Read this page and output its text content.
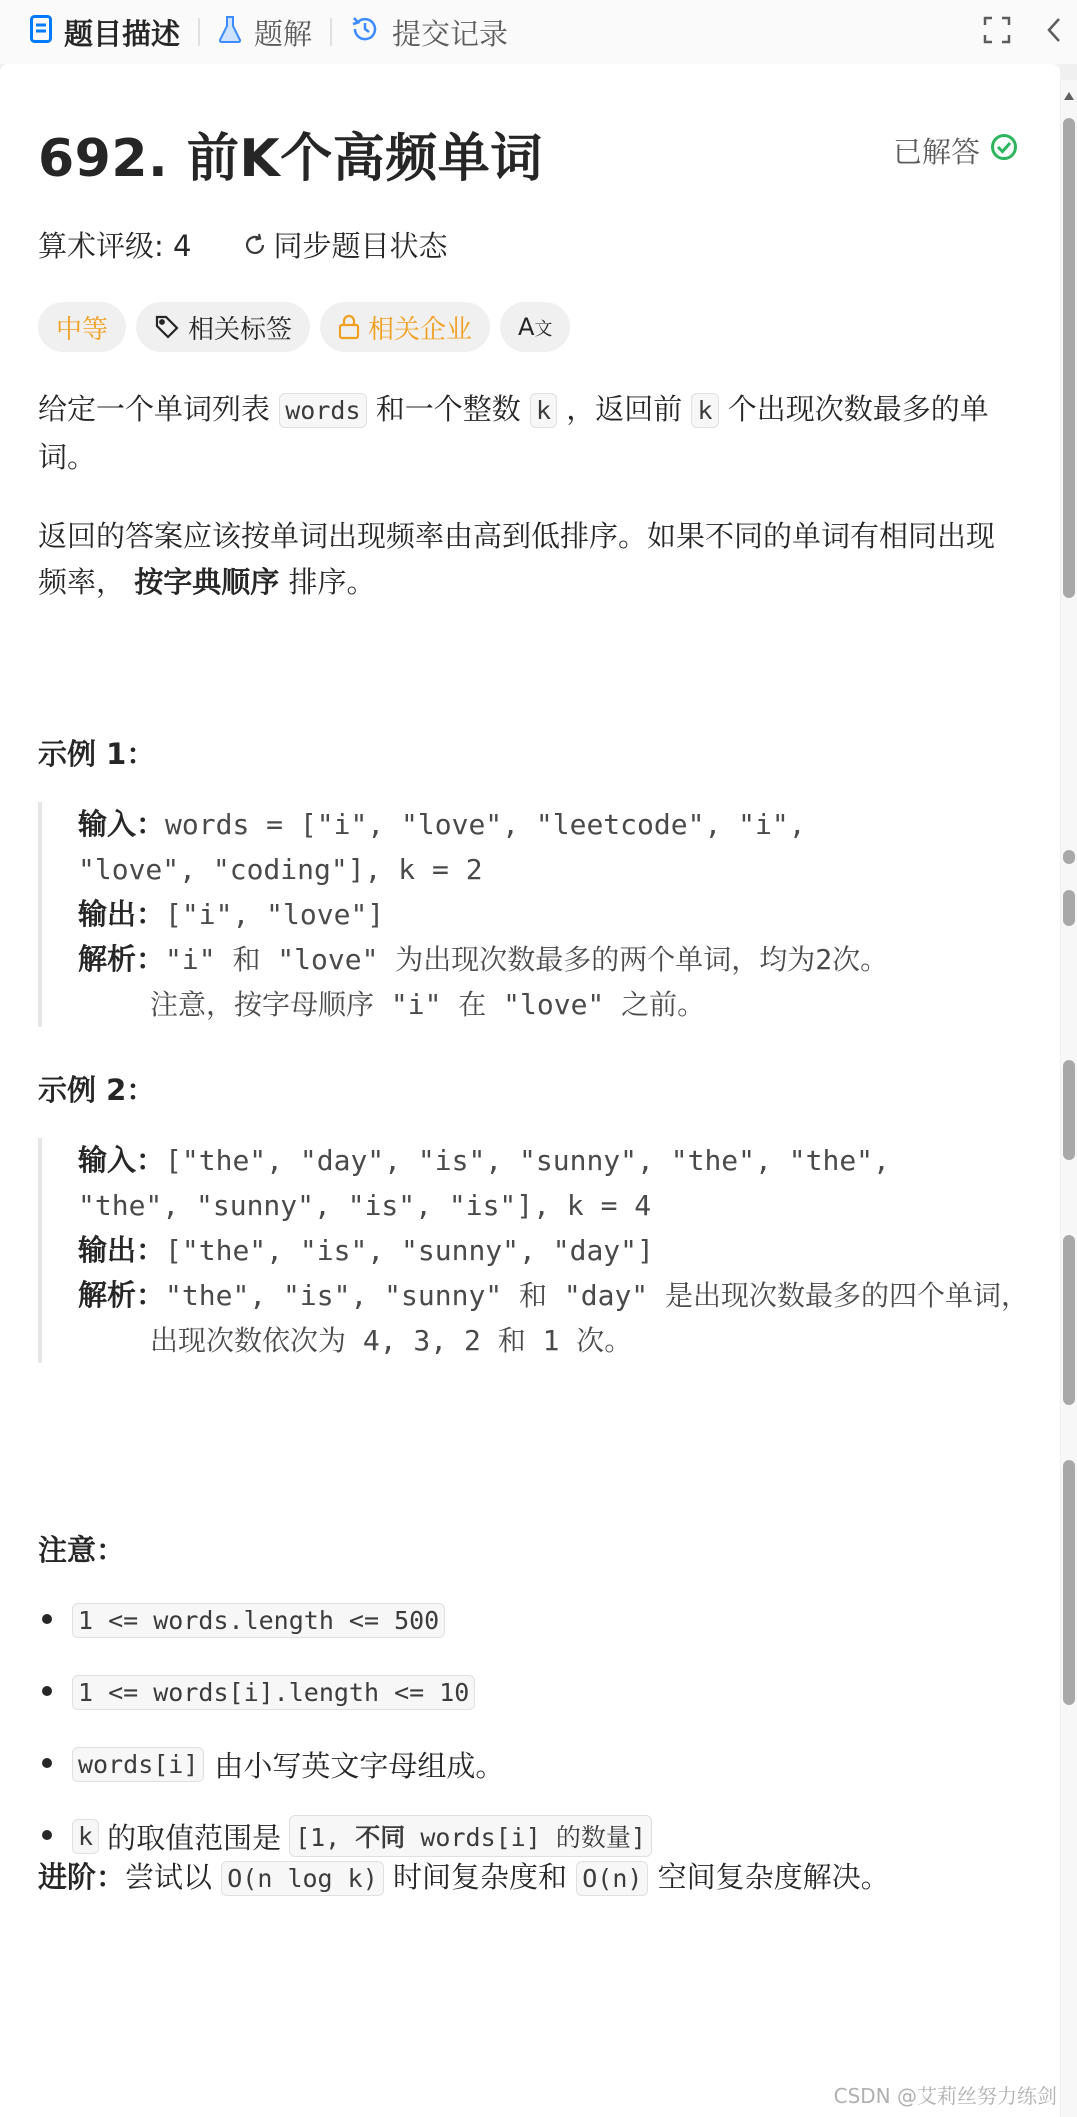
题目描述	题解	提交记录
692. 前K个高频单词	已解答
算术评级: 4	同步题目状态
中等	相关标签	相关企业 A文
给定一个单词列表 words 和一个整数 k ，返回前 k 个出现次数最多的单词。
返回的答案应该按单词出现频率由高到低排序。如果不同的单词有相同出现频率， 按字典顺序 排序。
示例 1：
输入：words = ["i", "love", "leetcode", "i",
"love", "coding"], k = 2
输出：["i", "love"]
解析："i" 和 "love" 为出现次数最多的两个单词，均为2次。
注意，按字母顺序 "i" 在 "love" 之前。
示例 2：
输入：["the", "day", "is", "sunny", "the", "the",
"the", "sunny", "is", "is"], k = 4
输出：["the", "is", "sunny", "day"]
解析："the", "is", "sunny" 和 "day" 是出现次数最多的四个单词，
出现次数依次为 4, 3, 2 和 1 次。
注意：
1 <= words.length <= 500
1 <= words[i].length <= 10
words[i] 由小写英文字母组成。
k 的取值范围是 [1, 不同 words[i] 的数量]
进阶：尝试以 O(n log k) 时间复杂度和 O(n) 空间复杂度解决。
CSDN @艾莉丝努力练剑
